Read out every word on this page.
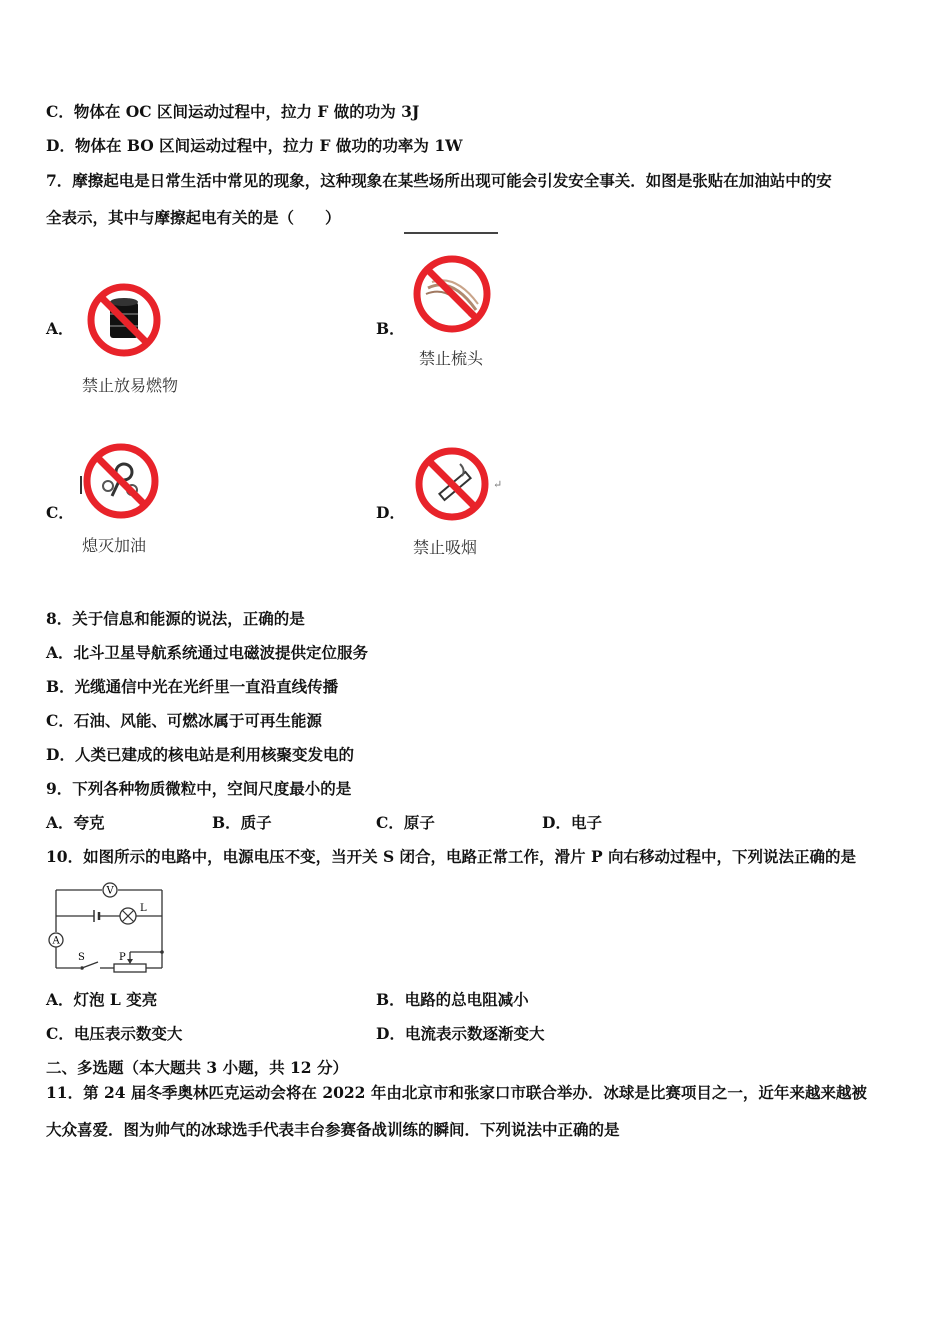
C．物体在 OC 区间运动过程中，拉力 F 做的功为 3J
D．物体在 BO 区间运动过程中，拉力 F 做功的功率为 1W
7．摩擦起电是日常生活中常见的现象，这种现象在某些场所出现可能会引发安全事关．如图是张贴在加油站中的安
全表示，其中与摩擦起电有关的是（　　）
A．
禁止放易燃物
B．
禁止梳头
C．
熄灭加油
D．
↵
禁止吸烟
8．关于信息和能源的说法，正确的是
A．北斗卫星导航系统通过电磁波提供定位服务
B．光缆通信中光在光纤里一直沿直线传播
C．石油、风能、可燃冰属于可再生能源
D．人类已建成的核电站是利用核聚变发电的
9．下列各种物质微粒中，空间尺度最小的是
A．夸克	B．质子	C．原子	D．电子
10．如图所示的电路中，电源电压不变，当开关 S 闭合，电路正常工作，滑片 P 向右移动过程中，下列说法正确的是
V
L
A
S	P
A．灯泡 L 变亮	B．电路的总电阻减小
C．电压表示数变大	D．电流表示数逐渐变大
二、多选题（本大题共 3 小题，共 12 分）
11．第 24 届冬季奥林匹克运动会将在 2022 年由北京市和张家口市联合举办．冰球是比赛项目之一，近年来越来越被
大众喜爱．图为帅气的冰球选手代表丰台参赛备战训练的瞬间．下列说法中正确的是
